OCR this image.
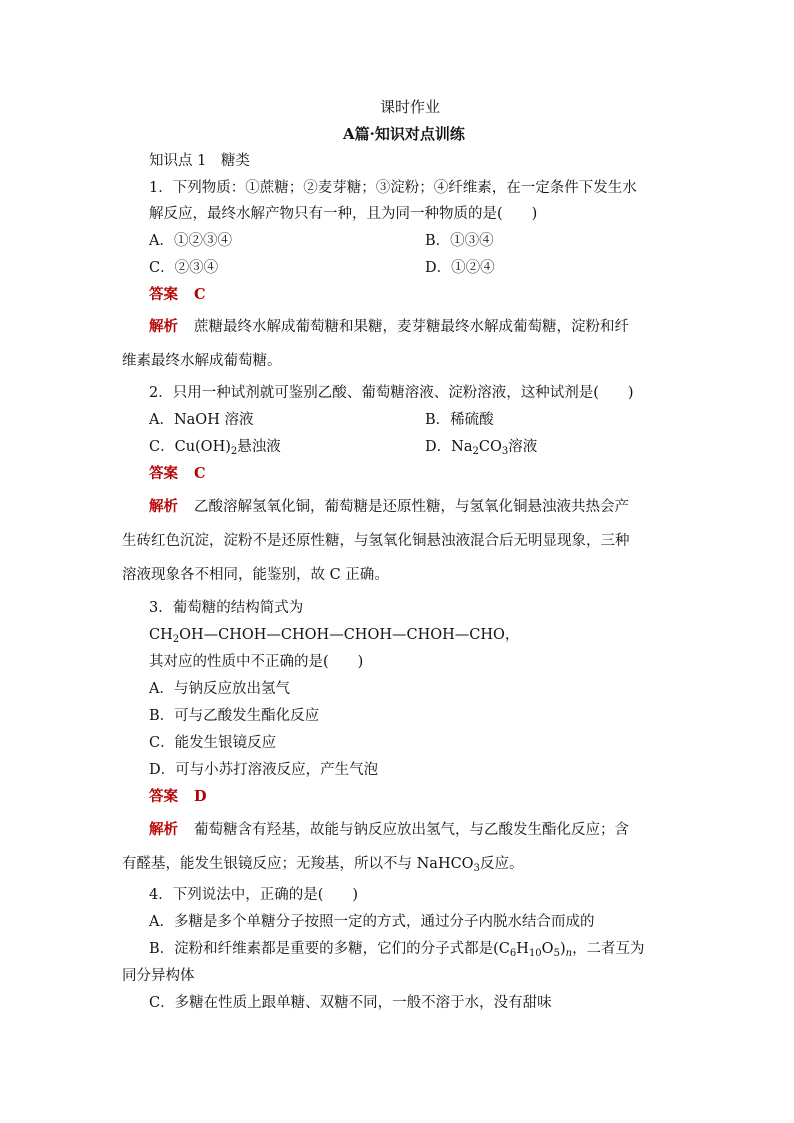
课时作业
A篇·知识对点训练
知识点 1　糖类
1．下列物质：①蔗糖；②麦芽糖；③淀粉；④纤维素，在一定条件下发生水
解反应，最终水解产物只有一种，且为同一种物质的是(　　)
A．①②③④	B．①③④
C．②③④	D．①②④
答案 C
解析 蔗糖最终水解成葡萄糖和果糖，麦芽糖最终水解成葡萄糖，淀粉和纤
维素最终水解成葡萄糖。
2．只用一种试剂就可鉴别乙酸、葡萄糖溶液、淀粉溶液，这种试剂是(　　)
A．NaOH 溶液	B．稀硫酸
C．$Cu(OH)_2$悬浊液	D．$Na_2CO_3$溶液
答案 C
解析 乙酸溶解氢氧化铜，葡萄糖是还原性糖，与氢氧化铜悬浊液共热会产
生砖红色沉淀，淀粉不是还原性糖，与氢氧化铜悬浊液混合后无明显现象，三种
溶液现象各不相同，能鉴别，故 C 正确。
3．葡萄糖的结构简式为
$CH_2OH—CHOH—CHOH—CHOH—CHOH—CHO$，
其对应的性质中不正确的是(　　)
A．与钠反应放出氢气
B．可与乙酸发生酯化反应
C．能发生银镜反应
D．可与小苏打溶液反应，产生气泡
答案 D
解析 葡萄糖含有羟基，故能与钠反应放出氢气，与乙酸发生酯化反应；含
有醛基，能发生银镜反应；无羧基，所以不与 NaHCO$_3$反应。
4．下列说法中，正确的是(　　)
A．多糖是多个单糖分子按照一定的方式，通过分子内脱水结合而成的
B．淀粉和纤维素都是重要的多糖，它们的分子式都是$(C_6H_{10}O_5)_n$，二者互为
同分异构体
C．多糖在性质上跟单糖、双糖不同，一般不溶于水，没有甜味
